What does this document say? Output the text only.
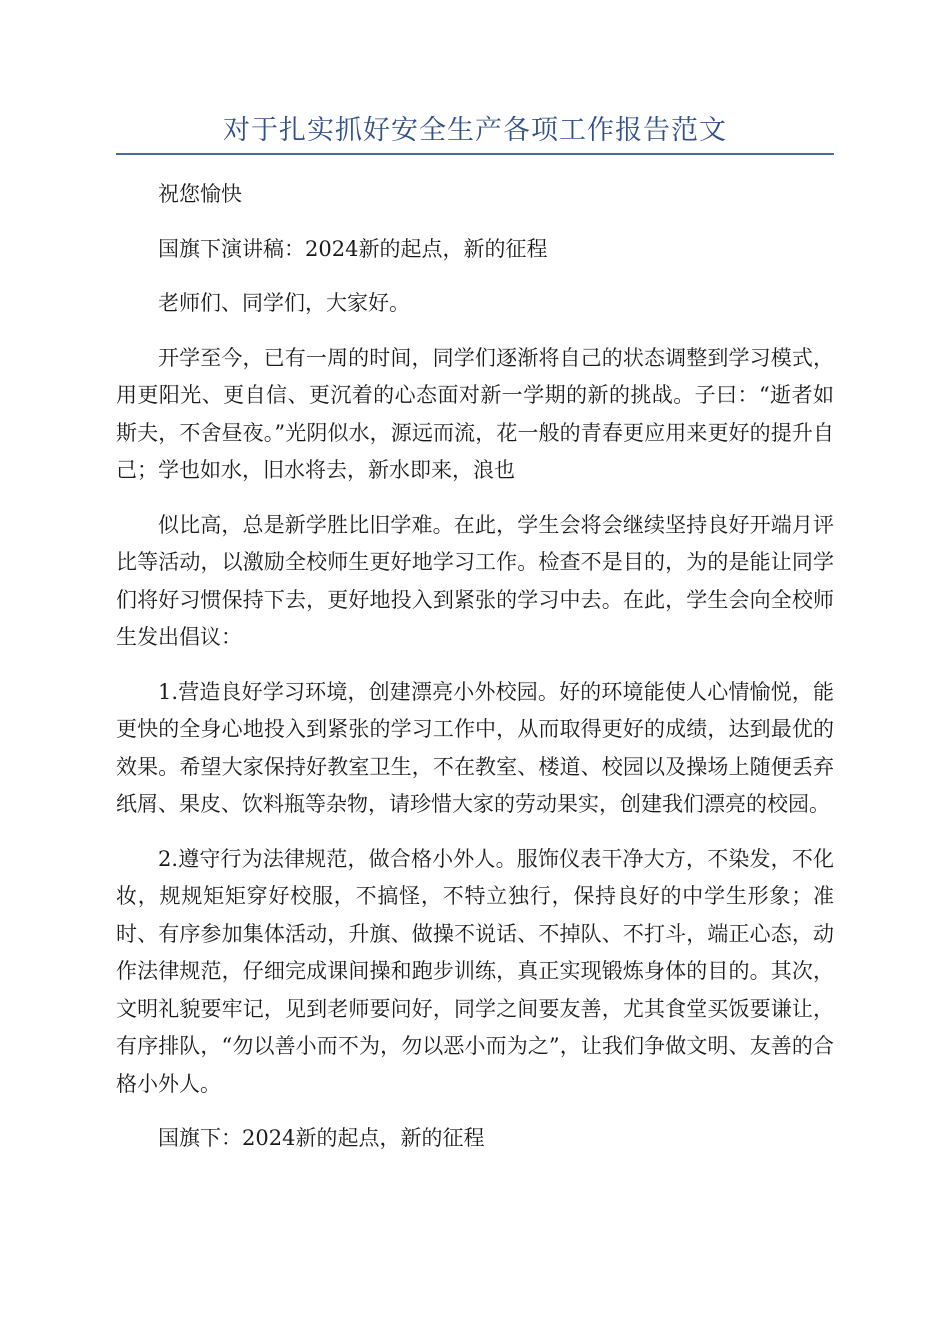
对于扎实抓好安全生产各项工作报告范文

祝您愉快

国旗下演讲稿：2024新的起点，新的征程

老师们、同学们，大家好。

开学至今，已有一周的时间，同学们逐渐将自己的状态调整到学习模式，用更阳光、更自信、更沉着的心态面对新一学期的新的挑战。子曰：“逝者如斯夫，不舍昼夜。”光阴似水，源远而流，花一般的青春更应用来更好的提升自己；学也如水，旧水将去，新水即来，浪也

似比高，总是新学胜比旧学难。在此，学生会将会继续坚持良好开端月评比等活动，以激励全校师生更好地学习工作。检查不是目的，为的是能让同学们将好习惯保持下去，更好地投入到紧张的学习中去。在此，学生会向全校师生发出倡议：

1.营造良好学习环境，创建漂亮小外校园。好的环境能使人心情愉悦，能更快的全身心地投入到紧张的学习工作中，从而取得更好的成绩，达到最优的效果。希望大家保持好教室卫生，不在教室、楼道、校园以及操场上随便丢弃纸屑、果皮、饮料瓶等杂物，请珍惜大家的劳动果实，创建我们漂亮的校园。

2.遵守行为法律规范，做合格小外人。服饰仪表干净大方，不染发，不化妆，规规矩矩穿好校服，不搞怪，不特立独行，保持良好的中学生形象；准时、有序参加集体活动，升旗、做操不说话、不掉队、不打斗，端正心态，动作法律规范，仔细完成课间操和跑步训练，真正实现锻炼身体的目的。其次，文明礼貌要牢记，见到老师要问好，同学之间要友善，尤其食堂买饭要谦让，有序排队，“勿以善小而不为，勿以恶小而为之”，让我们争做文明、友善的合格小外人。

国旗下：2024新的起点，新的征程
